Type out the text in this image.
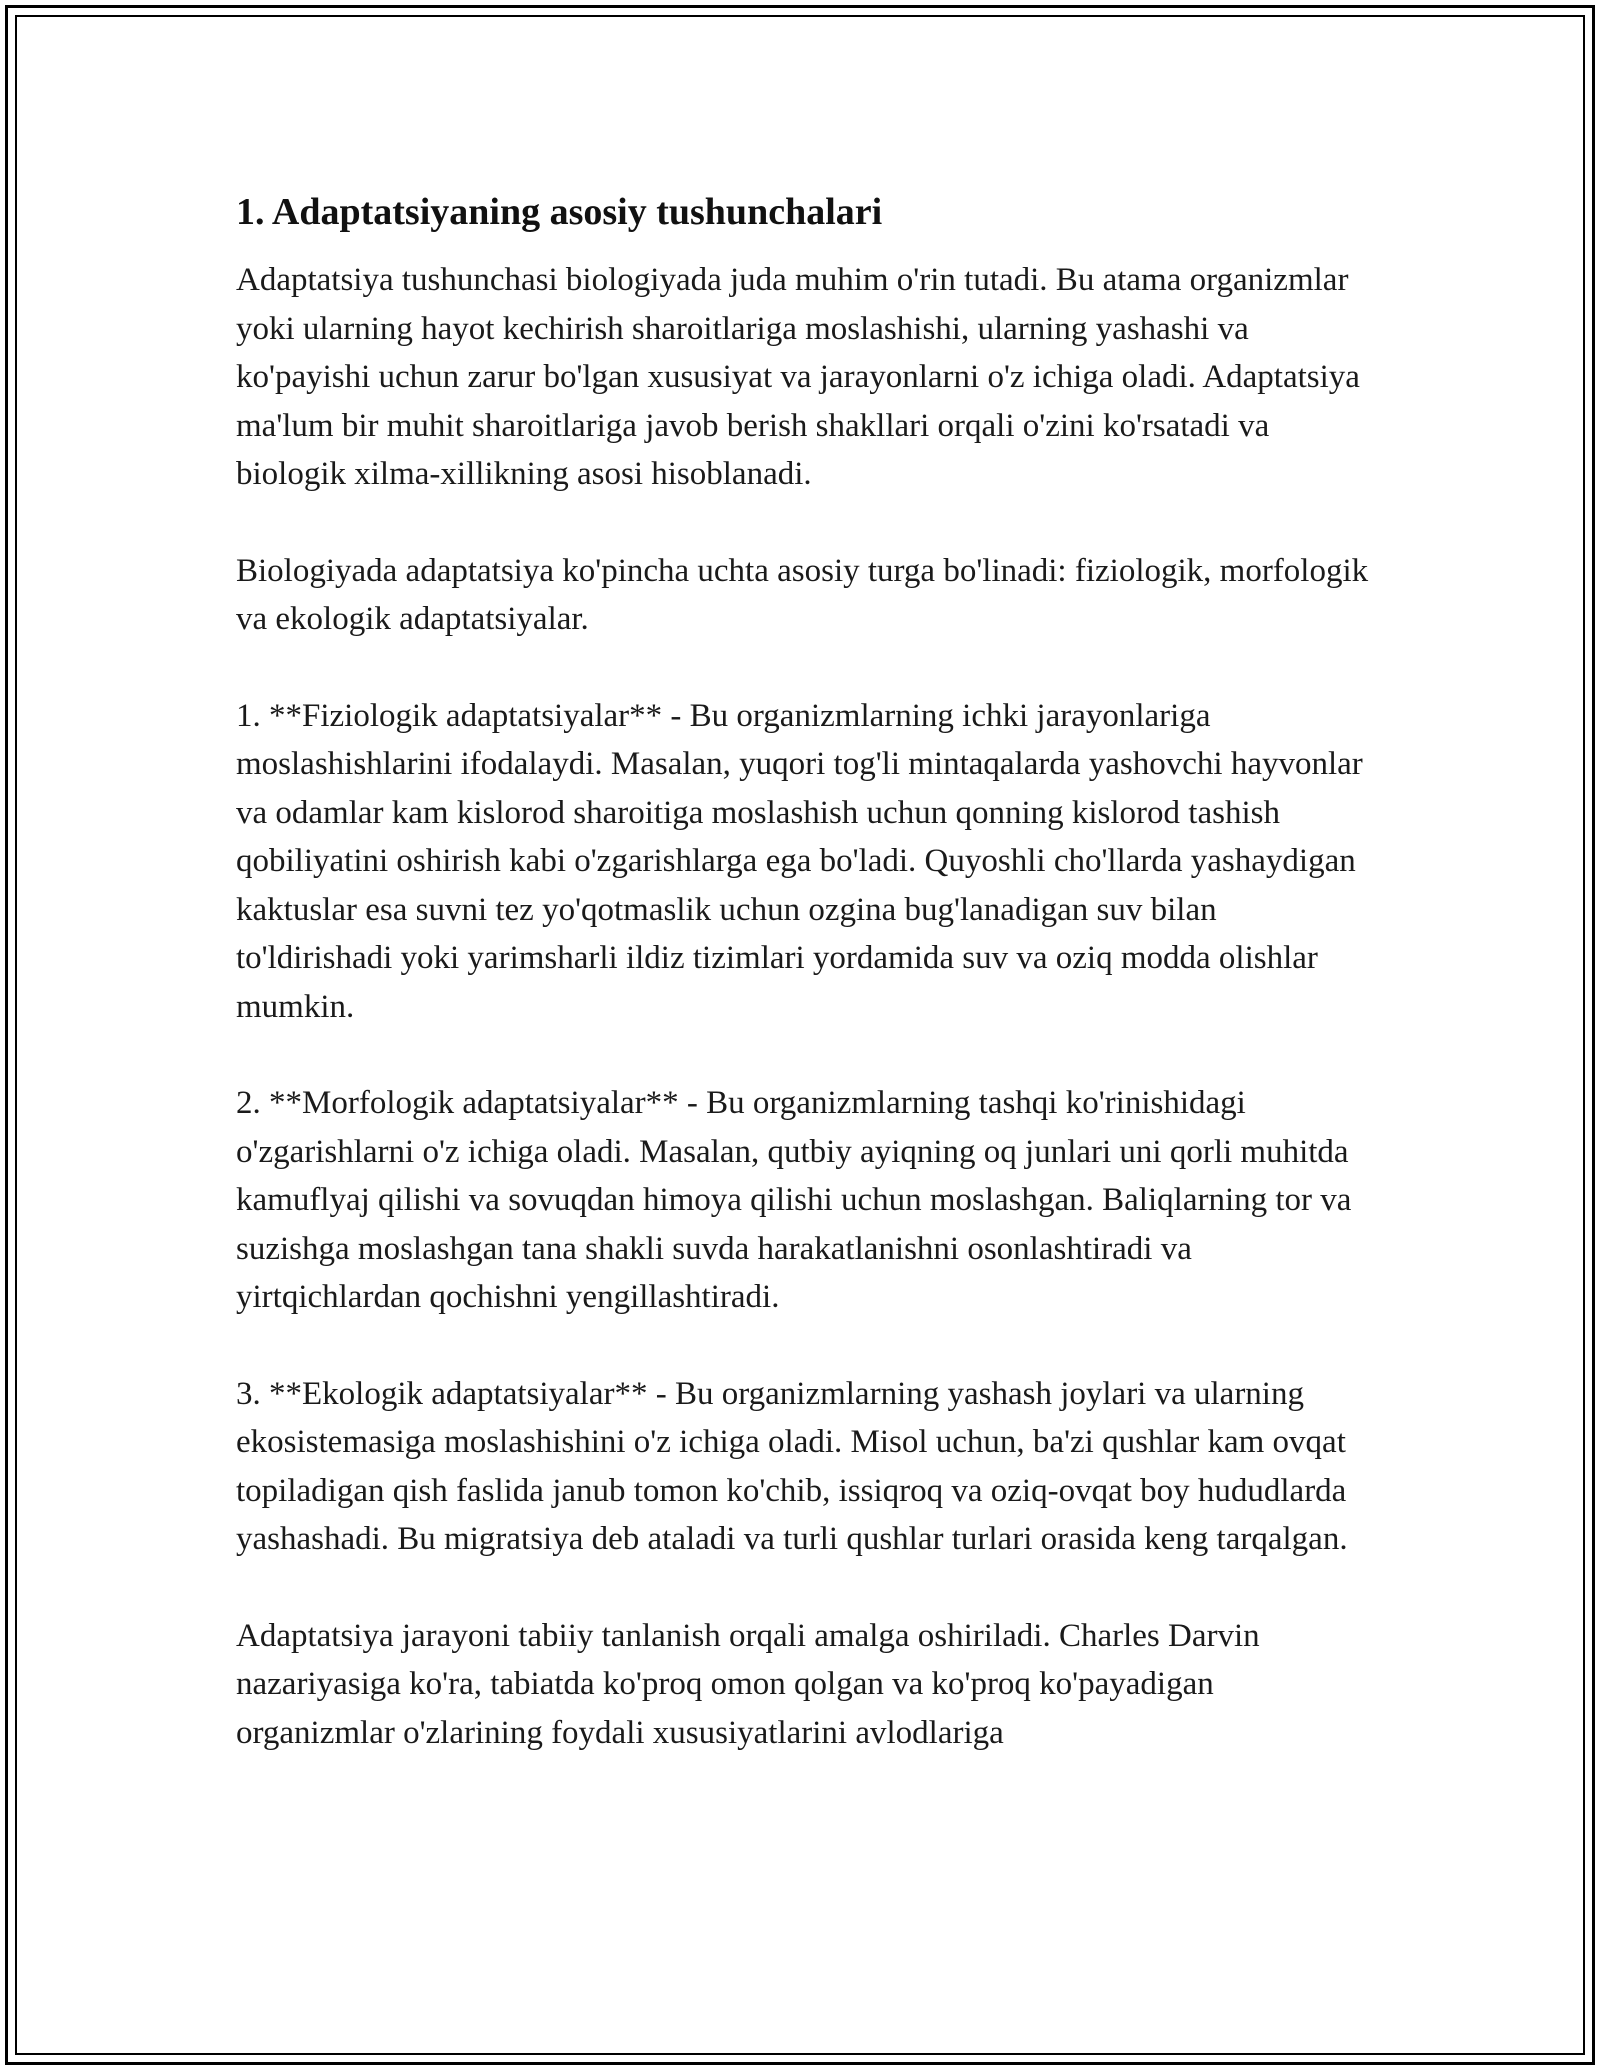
1. Adaptatsiyaning asosiy tushunchalari

Adaptatsiya tushunchasi biologiyada juda muhim o'rin tutadi. Bu atama organizmlar yoki ularning hayot kechirish sharoitlariga moslashishi, ularning yashashi va ko'payishi uchun zarur bo'lgan xususiyat va jarayonlarni o'z ichiga oladi. Adaptatsiya ma'lum bir muhit sharoitlariga javob berish shakllari orqali o'zini ko'rsatadi va biologik xilma-xillikning asosi hisoblanadi.

Biologiyada adaptatsiya ko'pincha uchta asosiy turga bo'linadi: fiziologik, morfologik va ekologik adaptatsiyalar.

1. **Fiziologik adaptatsiyalar** - Bu organizmlarning ichki jarayonlariga moslashishlarini ifodalaydi. Masalan, yuqori tog'li mintaqalarda yashovchi hayvonlar va odamlar kam kislorod sharoitiga moslashish uchun qonning kislorod tashish qobiliyatini oshirish kabi o'zgarishlarga ega bo'ladi. Quyoshli cho'llarda yashaydigan kaktuslar esa suvni tez yo'qotmaslik uchun ozgina bug'lanadigan suv bilan to'ldirishadi yoki yarimsharli ildiz tizimlari yordamida suv va oziq modda olishlar mumkin.

2. **Morfologik adaptatsiyalar** - Bu organizmlarning tashqi ko'rinishidagi o'zgarishlarni o'z ichiga oladi. Masalan, qutbiy ayiqning oq junlari uni qorli muhitda kamuflyaj qilishi va sovuqdan himoya qilishi uchun moslashgan. Baliqlarning tor va suzishga moslashgan tana shakli suvda harakatlanishni osonlashtiradi va yirtqichlardan qochishni yengillashtiradi.

3. **Ekologik adaptatsiyalar** - Bu organizmlarning yashash joylari va ularning ekosistemasiga moslashishini o'z ichiga oladi. Misol uchun, ba'zi qushlar kam ovqat topiladigan qish faslida janub tomon ko'chib, issiqroq va oziq-ovqat boy hududlarda yashashadi. Bu migratsiya deb ataladi va turli qushlar turlari orasida keng tarqalgan.

Adaptatsiya jarayoni tabiiy tanlanish orqali amalga oshiriladi. Charles Darvin nazariyasiga ko'ra, tabiatda ko'proq omon qolgan va ko'proq ko'payadigan organizmlar o'zlarining foydali xususiyatlarini avlodlariga
